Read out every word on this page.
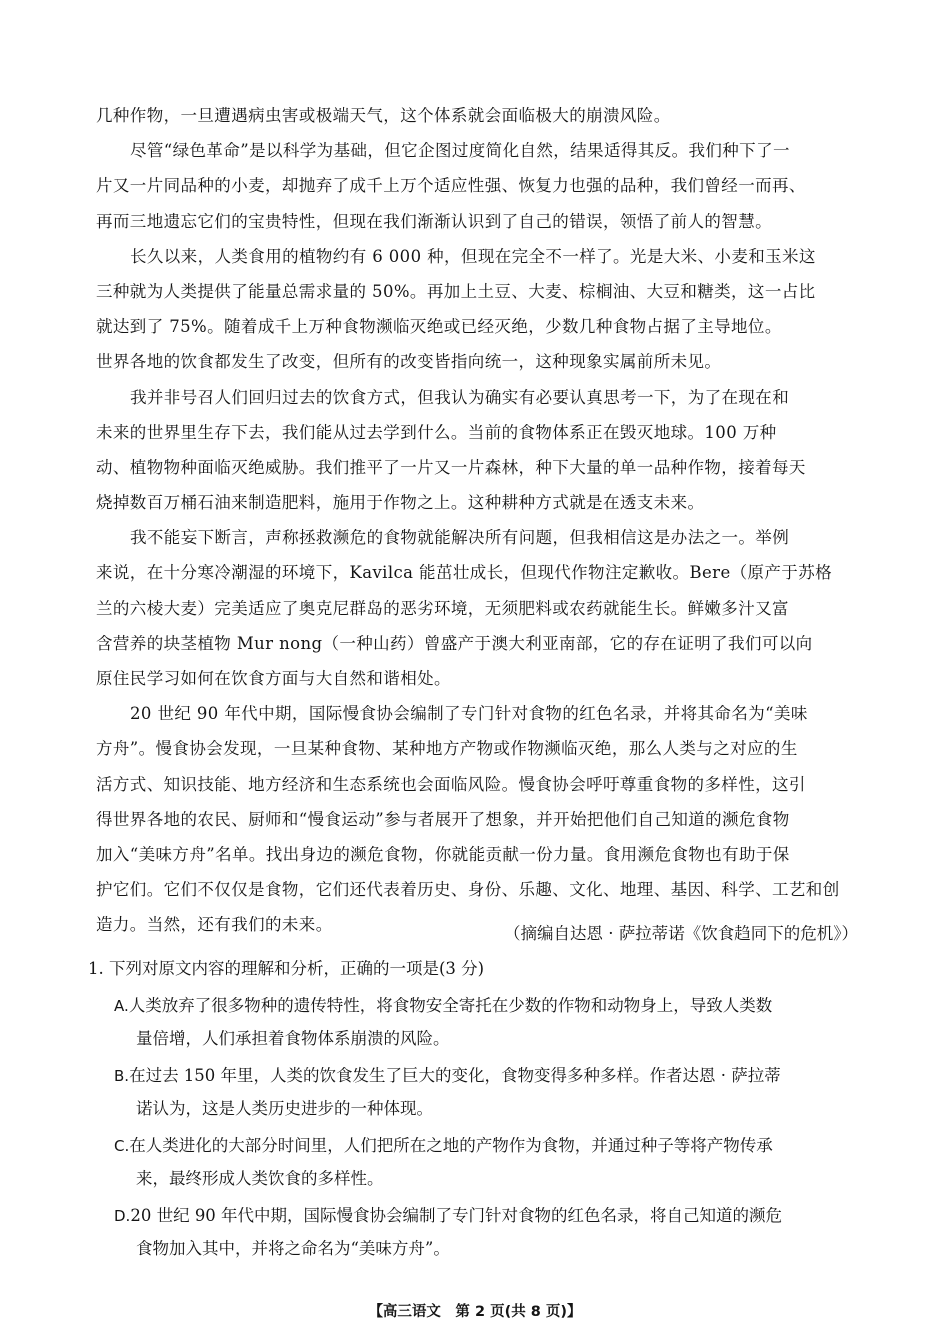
几种作物，一旦遭遇病虫害或极端天气，这个体系就会面临极大的崩溃风险。
尽管“绿色革命”是以科学为基础，但它企图过度简化自然，结果适得其反。我们种下了一
片又一片同品种的小麦，却抛弃了成千上万个适应性强、恢复力也强的品种，我们曾经一而再、
再而三地遗忘它们的宝贵特性，但现在我们渐渐认识到了自己的错误，领悟了前人的智慧。
长久以来，人类食用的植物约有 6 000 种，但现在完全不一样了。光是大米、小麦和玉米这
三种就为人类提供了能量总需求量的 50%。再加上土豆、大麦、棕榈油、大豆和糖类，这一占比
就达到了 75%。随着成千上万种食物濒临灭绝或已经灭绝，少数几种食物占据了主导地位。
世界各地的饮食都发生了改变，但所有的改变皆指向统一，这种现象实属前所未见。
我并非号召人们回归过去的饮食方式，但我认为确实有必要认真思考一下，为了在现在和
未来的世界里生存下去，我们能从过去学到什么。当前的食物体系正在毁灭地球。100 万种
动、植物物种面临灭绝威胁。我们推平了一片又一片森林，种下大量的单一品种作物，接着每天
烧掉数百万桶石油来制造肥料，施用于作物之上。这种耕种方式就是在透支未来。
我不能妄下断言，声称拯救濒危的食物就能解决所有问题，但我相信这是办法之一。举例
来说，在十分寒冷潮湿的环境下，Kavilca 能茁壮成长，但现代作物注定歉收。Bere（原产于苏格
兰的六棱大麦）完美适应了奥克尼群岛的恶劣环境，无须肥料或农药就能生长。鲜嫩多汁又富
含营养的块茎植物 Mur nong（一种山药）曾盛产于澳大利亚南部，它的存在证明了我们可以向
原住民学习如何在饮食方面与大自然和谐相处。
20 世纪 90 年代中期，国际慢食协会编制了专门针对食物的红色名录，并将其命名为“美味
方舟”。慢食协会发现，一旦某种食物、某种地方产物或作物濒临灭绝，那么人类与之对应的生
活方式、知识技能、地方经济和生态系统也会面临风险。慢食协会呼吁尊重食物的多样性，这引
得世界各地的农民、厨师和“慢食运动”参与者展开了想象，并开始把他们自己知道的濒危食物
加入“美味方舟”名单。找出身边的濒危食物，你就能贡献一份力量。食用濒危食物也有助于保
护它们。它们不仅仅是食物，它们还代表着历史、身份、乐趣、文化、地理、基因、科学、工艺和创
造力。当然，还有我们的未来。	（摘编自达恩 · 萨拉蒂诺《饮食趋同下的危机》）
1. 下列对原文内容的理解和分析，正确的一项是(3 分)
A.人类放弃了很多物种的遗传特性，将食物安全寄托在少数的作物和动物身上，导致人类数
量倍增，人们承担着食物体系崩溃的风险。
B.在过去 150 年里，人类的饮食发生了巨大的变化，食物变得多种多样。作者达恩 · 萨拉蒂
诺认为，这是人类历史进步的一种体现。
C.在人类进化的大部分时间里，人们把所在之地的产物作为食物，并通过种子等将产物传承
来，最终形成人类饮食的多样性。
D.20 世纪 90 年代中期，国际慢食协会编制了专门针对食物的红色名录，将自己知道的濒危
食物加入其中，并将之命名为“美味方舟”。
【高三语文　第 2 页(共 8 页)】
